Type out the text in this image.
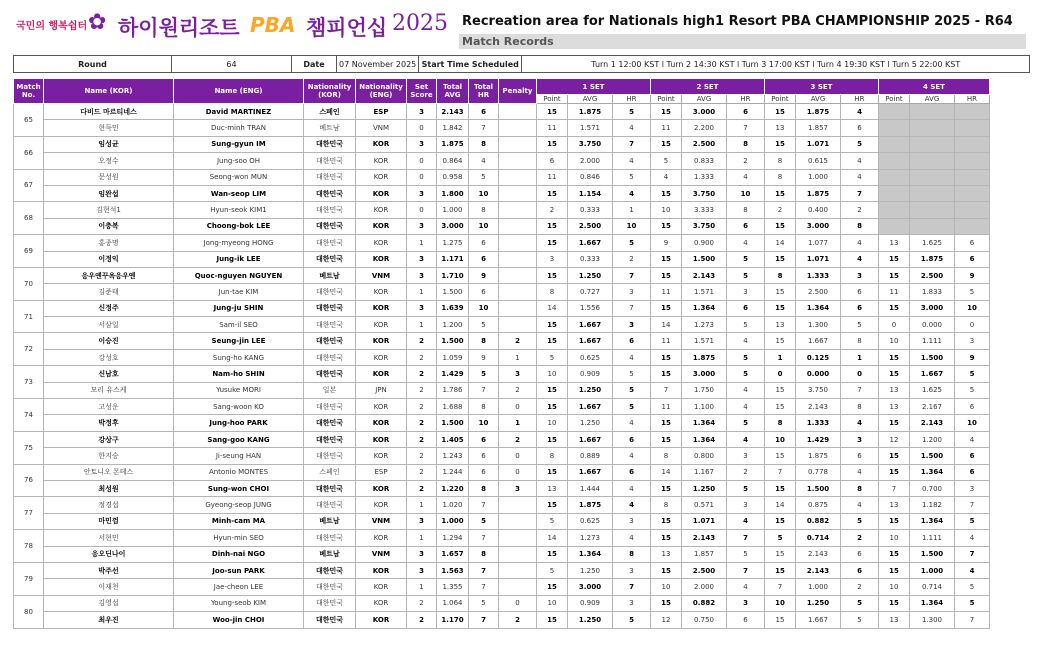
국민의 행복쉼터 ✿ 하이원리조트 PBA 챔피언십 2025 Recreation area for Nationals high1 Resort PBA CHAMPIONSHIP 2025 - R64
Match Records
Round	64	Date	07 November 2025	Start Time Scheduled	Turn 1 12:00 KST l Turn 2 14:30 KST l Turn 3 17:00 KST l Turn 4 19:30 KST l Turn 5 22:00 KST
Match No.	Name (KOR)	Name (ENG)	Nationality (KOR)	Nationality (ENG)	Set Score	Total AVG	Total HR	Penalty	1 SET			2 SET			3 SET			4 SET		
									Point	AVG	HR	Point	AVG	HR	Point	AVG	HR	Point	AVG	HR
65	다비드 마르티네스	David MARTINEZ	스페인	ESP	3	2.143	6		15	1.875	5	15	3.000	6	15	1.875	4			
	현득민	Duc-minh TRAN	베트남	VNM	0	1.842	7		11	1.571	4	11	2.200	7	13	1.857	6			
66	임성균	Sung-gyun IM	대한민국	KOR	3	1.875	8		15	3.750	7	15	2.500	8	15	1.071	5			
	오정수	Jung-soo OH	대한민국	KOR	0	0.864	4		6	2.000	4	5	0.833	2	8	0.615	4			
67	문성원	Seong-won MUN	대한민국	KOR	0	0.958	5		11	0.846	5	4	1.333	4	8	1.000	4			
	임완섭	Wan-seop LIM	대한민국	KOR	3	1.800	10		15	1.154	4	15	3.750	10	15	1.875	7			
68	김현석1	Hyun-seok KIM1	대한민국	KOR	0	1.000	8		2	0.333	1	10	3.333	8	2	0.400	2			
	이충복	Choong-bok LEE	대한민국	KOR	3	3.000	10		15	2.500	10	15	3.750	6	15	3.000	8			
69	홍종명	Jong-myeong HONG	대한민국	KOR	1	1.275	6		15	1.667	5	9	0.900	4	14	1.077	4	13	1.625	6
	이정익	Jung-ik LEE	대한민국	KOR	3	1.171	6		3	0.333	2	15	1.500	5	15	1.071	4	15	1.875	6
70	응우옌꾸옥응우옌	Quoc-nguyen NGUYEN	베트남	VNM	3	1.710	9		15	1.250	7	15	2.143	5	8	1.333	3	15	2.500	9
	김준태	Jun-tae KIM	대한민국	KOR	1	1.500	6		8	0.727	3	11	1.571	3	15	2.500	6	11	1.833	5
71	신정주	Jung-ju SHIN	대한민국	KOR	3	1.639	10		14	1.556	7	15	1.364	6	15	1.364	6	15	3.000	10
	서삼일	Sam-il SEO	대한민국	KOR	1	1.200	5		15	1.667	3	14	1.273	5	13	1.300	5	0	0.000	0
72	이승진	Seung-jin LEE	대한민국	KOR	2	1.500	8	2	15	1.667	6	11	1.571	4	15	1.667	8	10	1.111	3
	강성호	Sung-ho KANG	대한민국	KOR	2	1.059	9	1	5	0.625	4	15	1.875	5	1	0.125	1	15	1.500	9
73	신남호	Nam-ho SHIN	대한민국	KOR	2	1.429	5	3	10	0.909	5	15	3.000	5	0	0.000	0	15	1.667	5
	모리 유스케	Yusuke MORI	일본	JPN	2	1.786	7	2	15	1.250	5	7	1.750	4	15	3.750	7	13	1.625	5
74	고성운	Sang-woon KO	대한민국	KOR	2	1.688	8	0	15	1.667	5	11	1.100	4	15	2.143	8	13	2.167	6
	박정후	Jung-hoo PARK	대한민국	KOR	2	1.500	10	1	10	1.250	4	15	1.364	5	8	1.333	4	15	2.143	10
75	강상구	Sang-goo KANG	대한민국	KOR	2	1.405	6	2	15	1.667	6	15	1.364	4	10	1.429	3	12	1.200	4
	한지승	Ji-seung HAN	대한민국	KOR	2	1.243	6	0	8	0.889	4	8	0.800	3	15	1.875	6	15	1.500	6
76	안토니오 몬테스	Antonio MONTES	스페인	ESP	2	1.244	6	0	15	1.667	6	14	1.167	2	7	0.778	4	15	1.364	6
	최성원	Sung-won CHOI	대한민국	KOR	2	1.220	8	3	13	1.444	4	15	1.250	5	15	1.500	8	7	0.700	3
77	정경섭	Gyeong-seop JUNG	대한민국	KOR	1	1.020	7		15	1.875	4	8	0.571	3	14	0.875	4	13	1.182	7
	마민껌	Minh-cam MA	베트남	VNM	3	1.000	5		5	0.625	3	15	1.071	4	15	0.882	5	15	1.364	5
78	서현민	Hyun-min SEO	대한민국	KOR	1	1.294	7		14	1.273	4	15	2.143	7	5	0.714	2	10	1.111	4
	응오딘나이	Dinh-nai NGO	베트남	VNM	3	1.657	8		15	1.364	8	13	1.857	5	15	2.143	6	15	1.500	7
79	박주선	Joo-sun PARK	대한민국	KOR	3	1.563	7		5	1.250	3	15	2.500	7	15	2.143	6	15	1.000	4
	이재천	Jae-cheon LEE	대한민국	KOR	1	1.355	7		15	3.000	7	10	2.000	4	7	1.000	2	10	0.714	5
80	김영섭	Young-seob KIM	대한민국	KOR	2	1.064	5	0	10	0.909	3	15	0.882	3	10	1.250	5	15	1.364	5
	최우진	Woo-jin CHOI	대한민국	KOR	2	1.170	7	2	15	1.250	5	12	0.750	6	15	1.667	5	13	1.300	7
